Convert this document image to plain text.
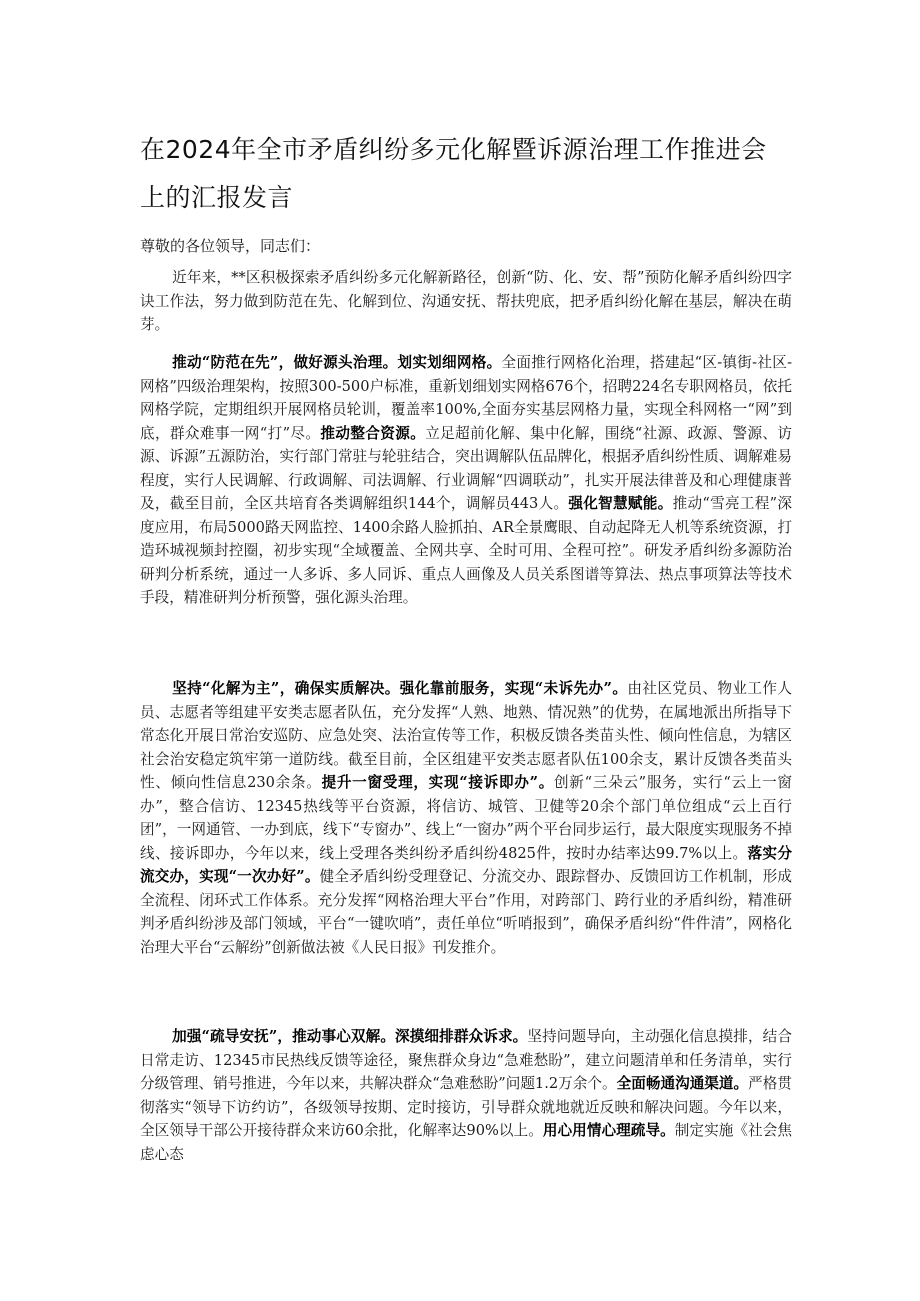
在2024年全市矛盾纠纷多元化解暨诉源治理工作推进会上的汇报发言

尊敬的各位领导，同志们：

近年来，**区积极探索矛盾纠纷多元化解新路径，创新“防、化、安、帮”预防化解矛盾纠纷四字诀工作法，努力做到防范在先、化解到位、沟通安抚、帮扶兜底，把矛盾纠纷化解在基层，解决在萌芽。

推动“防范在先”，做好源头治理。划实划细网格。全面推行网格化治理，搭建起“区-镇街-社区-网格”四级治理架构，按照300-500户标准，重新划细划实网格676个，招聘224名专职网格员，依托网格学院，定期组织开展网格员轮训，覆盖率100%,全面夯实基层网格力量，实现全科网格一“网”到底，群众难事一网“打”尽。推动整合资源。立足超前化解、集中化解，围绕“社源、政源、警源、访源、诉源”五源防治，实行部门常驻与轮驻结合，突出调解队伍品牌化，根据矛盾纠纷性质、调解难易程度，实行人民调解、行政调解、司法调解、行业调解“四调联动”，扎实开展法律普及和心理健康普及，截至目前，全区共培育各类调解组织144个，调解员443人。强化智慧赋能。推动“雪亮工程”深度应用，布局5000路天网监控、1400余路人脸抓拍、AR全景鹰眼、自动起降无人机等系统资源，打造环城视频封控圈，初步实现“全域覆盖、全网共享、全时可用、全程可控”。研发矛盾纠纷多源防治研判分析系统，通过一人多诉、多人同诉、重点人画像及人员关系图谱等算法、热点事项算法等技术手段，精准研判分析预警，强化源头治理。

坚持“化解为主”，确保实质解决。强化靠前服务，实现“未诉先办”。由社区党员、物业工作人员、志愿者等组建平安类志愿者队伍，充分发挥“人熟、地熟、情况熟”的优势，在属地派出所指导下常态化开展日常治安巡防、应急处突、法治宣传等工作，积极反馈各类苗头性、倾向性信息，为辖区社会治安稳定筑牢第一道防线。截至目前，全区组建平安类志愿者队伍100余支，累计反馈各类苗头性、倾向性信息230余条。提升一窗受理，实现“接诉即办”。创新“三朵云”服务，实行“云上一窗办”，整合信访、12345热线等平台资源，将信访、城管、卫健等20余个部门单位组成“云上百行团”，一网通管、一办到底，线下“专窗办”、线上“一窗办”两个平台同步运行，最大限度实现服务不掉线、接诉即办，今年以来，线上受理各类纠纷矛盾纠纷4825件，按时办结率达99.7%以上。落实分流交办，实现“一次办好”。健全矛盾纠纷受理登记、分流交办、跟踪督办、反馈回访工作机制，形成全流程、闭环式工作体系。充分发挥“网格治理大平台”作用，对跨部门、跨行业的矛盾纠纷，精准研判矛盾纠纷涉及部门领域，平台“一键吹哨”，责任单位“听哨报到”，确保矛盾纠纷“件件清”，网格化治理大平台“云解纷”创新做法被《人民日报》刊发推介。

加强“疏导安抚”，推动事心双解。深摸细排群众诉求。坚持问题导向，主动强化信息摸排，结合日常走访、12345市民热线反馈等途径，聚焦群众身边“急难愁盼”，建立问题清单和任务清单，实行分级管理、销号推进，今年以来，共解决群众“急难愁盼”问题1.2万余个。全面畅通沟通渠道。严格贯彻落实“领导下访约访”，各级领导按期、定时接访，引导群众就地就近反映和解决问题。今年以来，全区领导干部公开接待群众来访60余批，化解率达90%以上。用心用情心理疏导。制定实施《社会焦虑心态
